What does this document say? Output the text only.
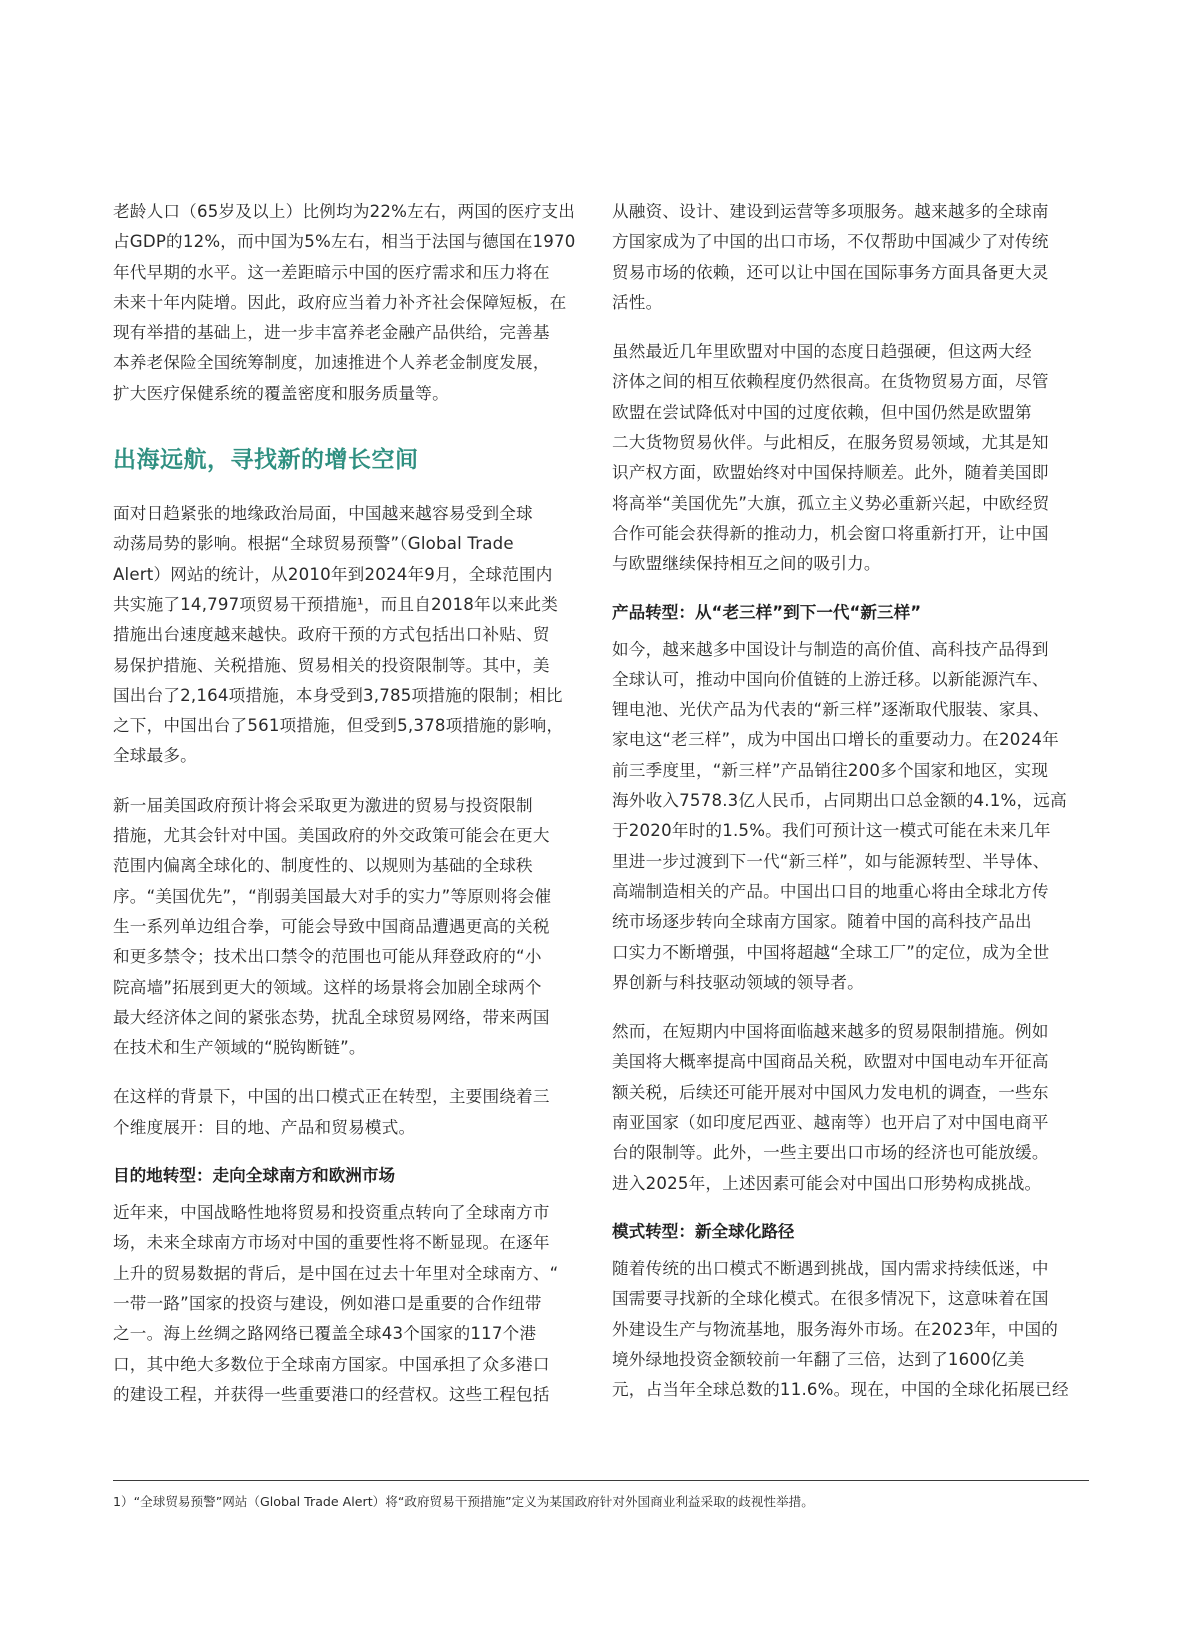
老龄人口（65岁及以上）比例均为22%左右，两国的医疗支出
占GDP的12%，而中国为5%左右，相当于法国与德国在1970
年代早期的水平。这一差距暗示中国的医疗需求和压力将在
未来十年内陡增。因此，政府应当着力补齐社会保障短板，在
现有举措的基础上，进一步丰富养老金融产品供给，完善基
本养老保险全国统筹制度，加速推进个人养老金制度发展，
扩大医疗保健系统的覆盖密度和服务质量等。

出海远航，寻找新的增长空间

面对日趋紧张的地缘政治局面，中国越来越容易受到全球
动荡局势的影响。根据“全球贸易预警”（Global Trade
Alert）网站的统计，从2010年到2024年9月，全球范围内
共实施了14,797项贸易干预措施¹，而且自2018年以来此类
措施出台速度越来越快。政府干预的方式包括出口补贴、贸
易保护措施、关税措施、贸易相关的投资限制等。其中，美
国出台了2,164项措施，本身受到3,785项措施的限制；相比
之下，中国出台了561项措施，但受到5,378项措施的影响，
全球最多。

新一届美国政府预计将会采取更为激进的贸易与投资限制
措施，尤其会针对中国。美国政府的外交政策可能会在更大
范围内偏离全球化的、制度性的、以规则为基础的全球秩
序。“美国优先”，“削弱美国最大对手的实力”等原则将会催
生一系列单边组合拳，可能会导致中国商品遭遇更高的关税
和更多禁令；技术出口禁令的范围也可能从拜登政府的“小
院高墙”拓展到更大的领域。这样的场景将会加剧全球两个
最大经济体之间的紧张态势，扰乱全球贸易网络，带来两国
在技术和生产领域的“脱钩断链”。

在这样的背景下，中国的出口模式正在转型，主要围绕着三
个维度展开：目的地、产品和贸易模式。

目的地转型：走向全球南方和欧洲市场

近年来，中国战略性地将贸易和投资重点转向了全球南方市
场，未来全球南方市场对中国的重要性将不断显现。在逐年
上升的贸易数据的背后，是中国在过去十年里对全球南方、“
一带一路”国家的投资与建设，例如港口是重要的合作纽带
之一。海上丝绸之路网络已覆盖全球43个国家的117个港
口，其中绝大多数位于全球南方国家。中国承担了众多港口
的建设工程，并获得一些重要港口的经营权。这些工程包括

从融资、设计、建设到运营等多项服务。越来越多的全球南
方国家成为了中国的出口市场，不仅帮助中国减少了对传统
贸易市场的依赖，还可以让中国在国际事务方面具备更大灵
活性。

虽然最近几年里欧盟对中国的态度日趋强硬，但这两大经
济体之间的相互依赖程度仍然很高。在货物贸易方面，尽管
欧盟在尝试降低对中国的过度依赖，但中国仍然是欧盟第
二大货物贸易伙伴。与此相反，在服务贸易领域，尤其是知
识产权方面，欧盟始终对中国保持顺差。此外，随着美国即
将高举“美国优先”大旗，孤立主义势必重新兴起，中欧经贸
合作可能会获得新的推动力，机会窗口将重新打开，让中国
与欧盟继续保持相互之间的吸引力。

产品转型：从“老三样”到下一代“新三样”

如今，越来越多中国设计与制造的高价值、高科技产品得到
全球认可，推动中国向价值链的上游迁移。以新能源汽车、
锂电池、光伏产品为代表的“新三样”逐渐取代服装、家具、
家电这“老三样”，成为中国出口增长的重要动力。在2024年
前三季度里，“新三样”产品销往200多个国家和地区，实现
海外收入7578.3亿人民币，占同期出口总金额的4.1%，远高
于2020年时的1.5%。我们可预计这一模式可能在未来几年
里进一步过渡到下一代“新三样”，如与能源转型、半导体、
高端制造相关的产品。中国出口目的地重心将由全球北方传
统市场逐步转向全球南方国家。随着中国的高科技产品出
口实力不断增强，中国将超越“全球工厂”的定位，成为全世
界创新与科技驱动领域的领导者。

然而，在短期内中国将面临越来越多的贸易限制措施。例如
美国将大概率提高中国商品关税，欧盟对中国电动车开征高
额关税，后续还可能开展对中国风力发电机的调查，一些东
南亚国家（如印度尼西亚、越南等）也开启了对中国电商平
台的限制等。此外，一些主要出口市场的经济也可能放缓。
进入2025年，上述因素可能会对中国出口形势构成挑战。

模式转型：新全球化路径

随着传统的出口模式不断遇到挑战，国内需求持续低迷，中
国需要寻找新的全球化模式。在很多情况下，这意味着在国
外建设生产与物流基地，服务海外市场。在2023年，中国的
境外绿地投资金额较前一年翻了三倍，达到了1600亿美
元，占当年全球总数的11.6%。现在，中国的全球化拓展已经

1）“全球贸易预警”网站（Global Trade Alert）将“政府贸易干预措施”定义为某国政府针对外国商业利益采取的歧视性举措。
